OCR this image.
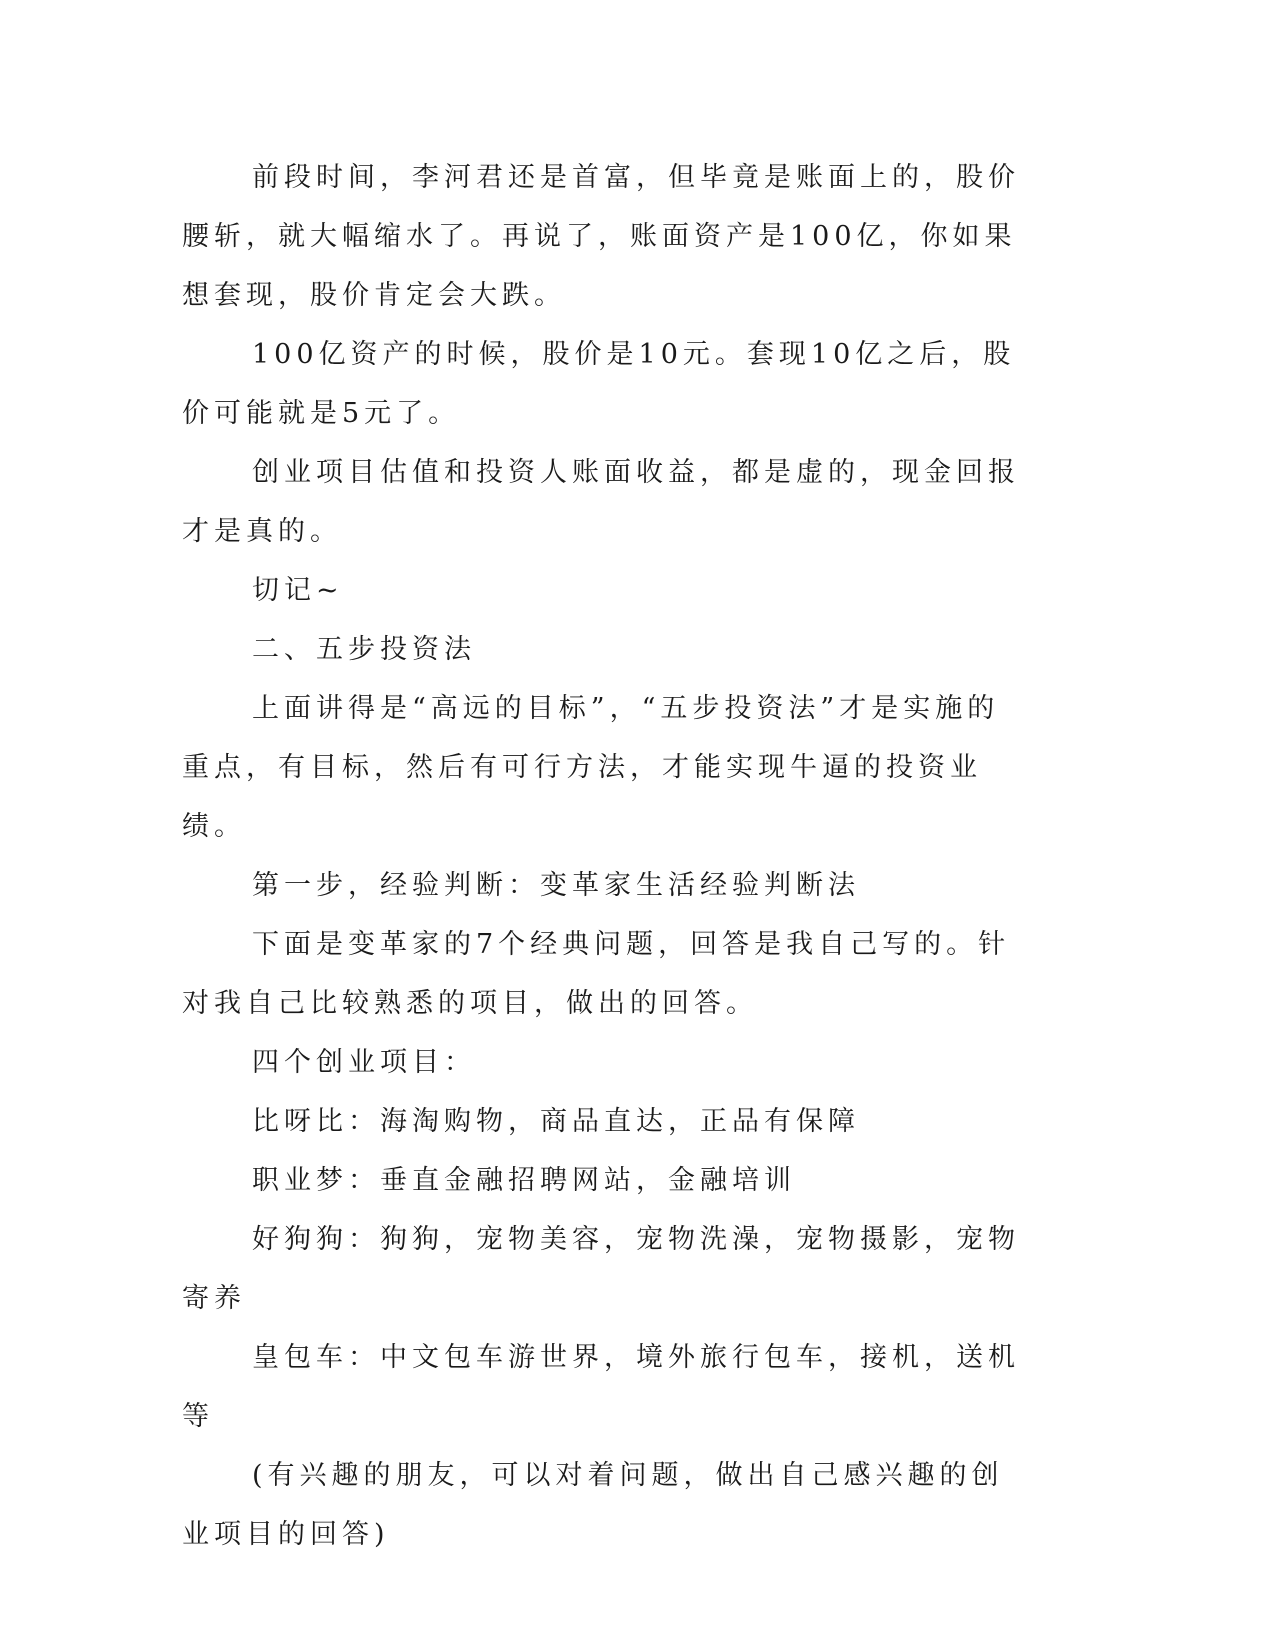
前段时间，李河君还是首富，但毕竟是账面上的，股价腰斩，就大幅缩水了。再说了，账面资产是100亿，你如果想套现，股价肯定会大跌。

100亿资产的时候，股价是10元。套现10亿之后，股价可能就是5元了。

创业项目估值和投资人账面收益，都是虚的，现金回报才是真的。

切记~

二、五步投资法

上面讲得是“高远的目标”，“五步投资法”才是实施的重点，有目标，然后有可行方法，才能实现牛逼的投资业绩。

第一步，经验判断：变革家生活经验判断法

下面是变革家的7个经典问题，回答是我自己写的。针对我自己比较熟悉的项目，做出的回答。

四个创业项目：

比呀比：海淘购物，商品直达，正品有保障

职业梦：垂直金融招聘网站，金融培训

好狗狗：狗狗，宠物美容，宠物洗澡，宠物摄影，宠物寄养

皇包车：中文包车游世界，境外旅行包车，接机，送机等

(有兴趣的朋友，可以对着问题，做出自己感兴趣的创业项目的回答)
